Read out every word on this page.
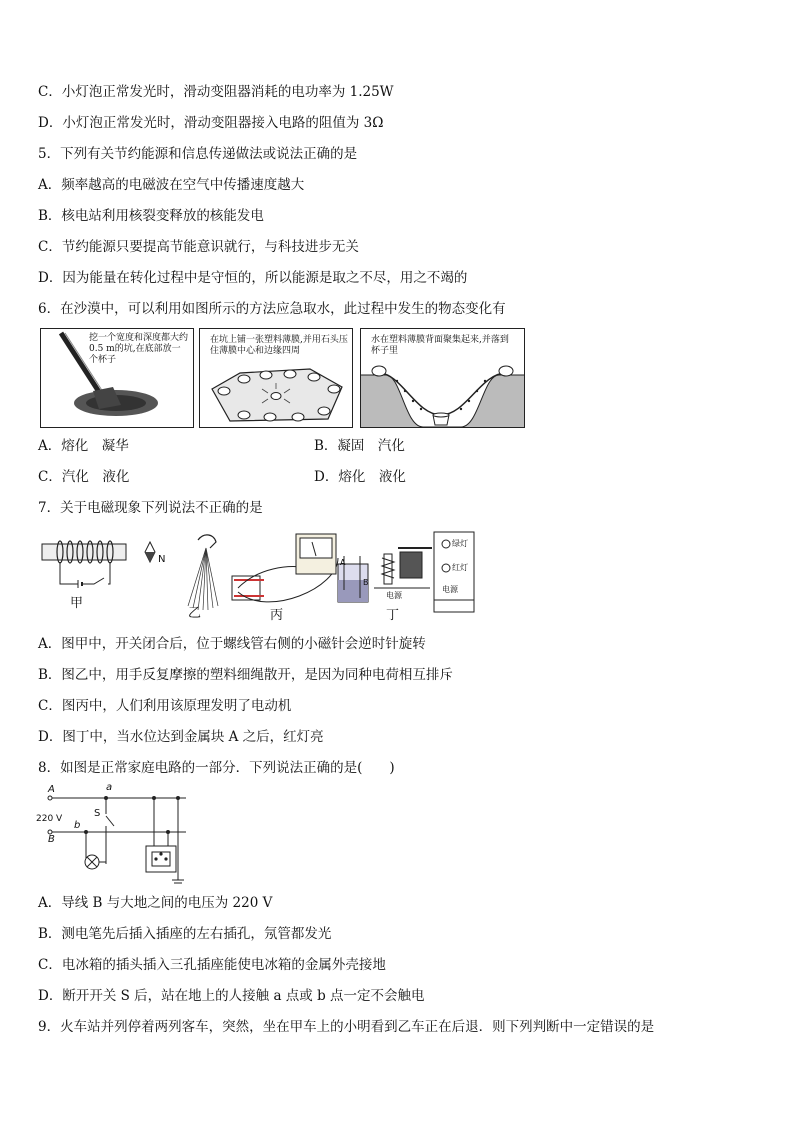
C．小灯泡正常发光时，滑动变阻器消耗的电功率为 1.25W
D．小灯泡正常发光时，滑动变阻器接入电路的阻值为 3Ω
5．下列有关节约能源和信息传递做法或说法正确的是
A．频率越高的电磁波在空气中传播速度越大
B．核电站利用核裂变释放的核能发电
C．节约能源只要提高节能意识就行，与科技进步无关
D．因为能量在转化过程中是守恒的，所以能源是取之不尽，用之不竭的
6．在沙漠中，可以利用如图所示的方法应急取水，此过程中发生的物态变化有
挖一个宽度和深度都大约0.5 m的坑,在底部放一个杯子
在坑上铺一张塑料薄膜,并用石头压住薄膜中心和边缘四周
水在塑料薄膜背面聚集起来,并落到杯子里
A．熔化　凝华	B．凝固　汽化
C．汽化　液化	D．熔化　液化
7．关于电磁现象下列说法不正确的是
甲
N
乙	丙	丁
A
B
电源
绿灯
红灯
电源
A．图甲中，开关闭合后，位于螺线管右侧的小磁针会逆时针旋转
B．图乙中，用手反复摩擦的塑料细绳散开，是因为同种电荷相互排斥
C．图丙中，人们利用该原理发明了电动机
D．图丁中，当水位达到金属块 A 之后，红灯亮
8．如图是正常家庭电路的一部分．下列说法正确的是(　　)
A	a
S
220 V
b
B
A．导线 B 与大地之间的电压为 220 V
B．测电笔先后插入插座的左右插孔，氖管都发光
C．电冰箱的插头插入三孔插座能使电冰箱的金属外壳接地
D．断开开关 S 后，站在地上的人接触 a 点或 b 点一定不会触电
9．火车站并列停着两列客车，突然，坐在甲车上的小明看到乙车正在后退．则下列判断中一定错误的是
